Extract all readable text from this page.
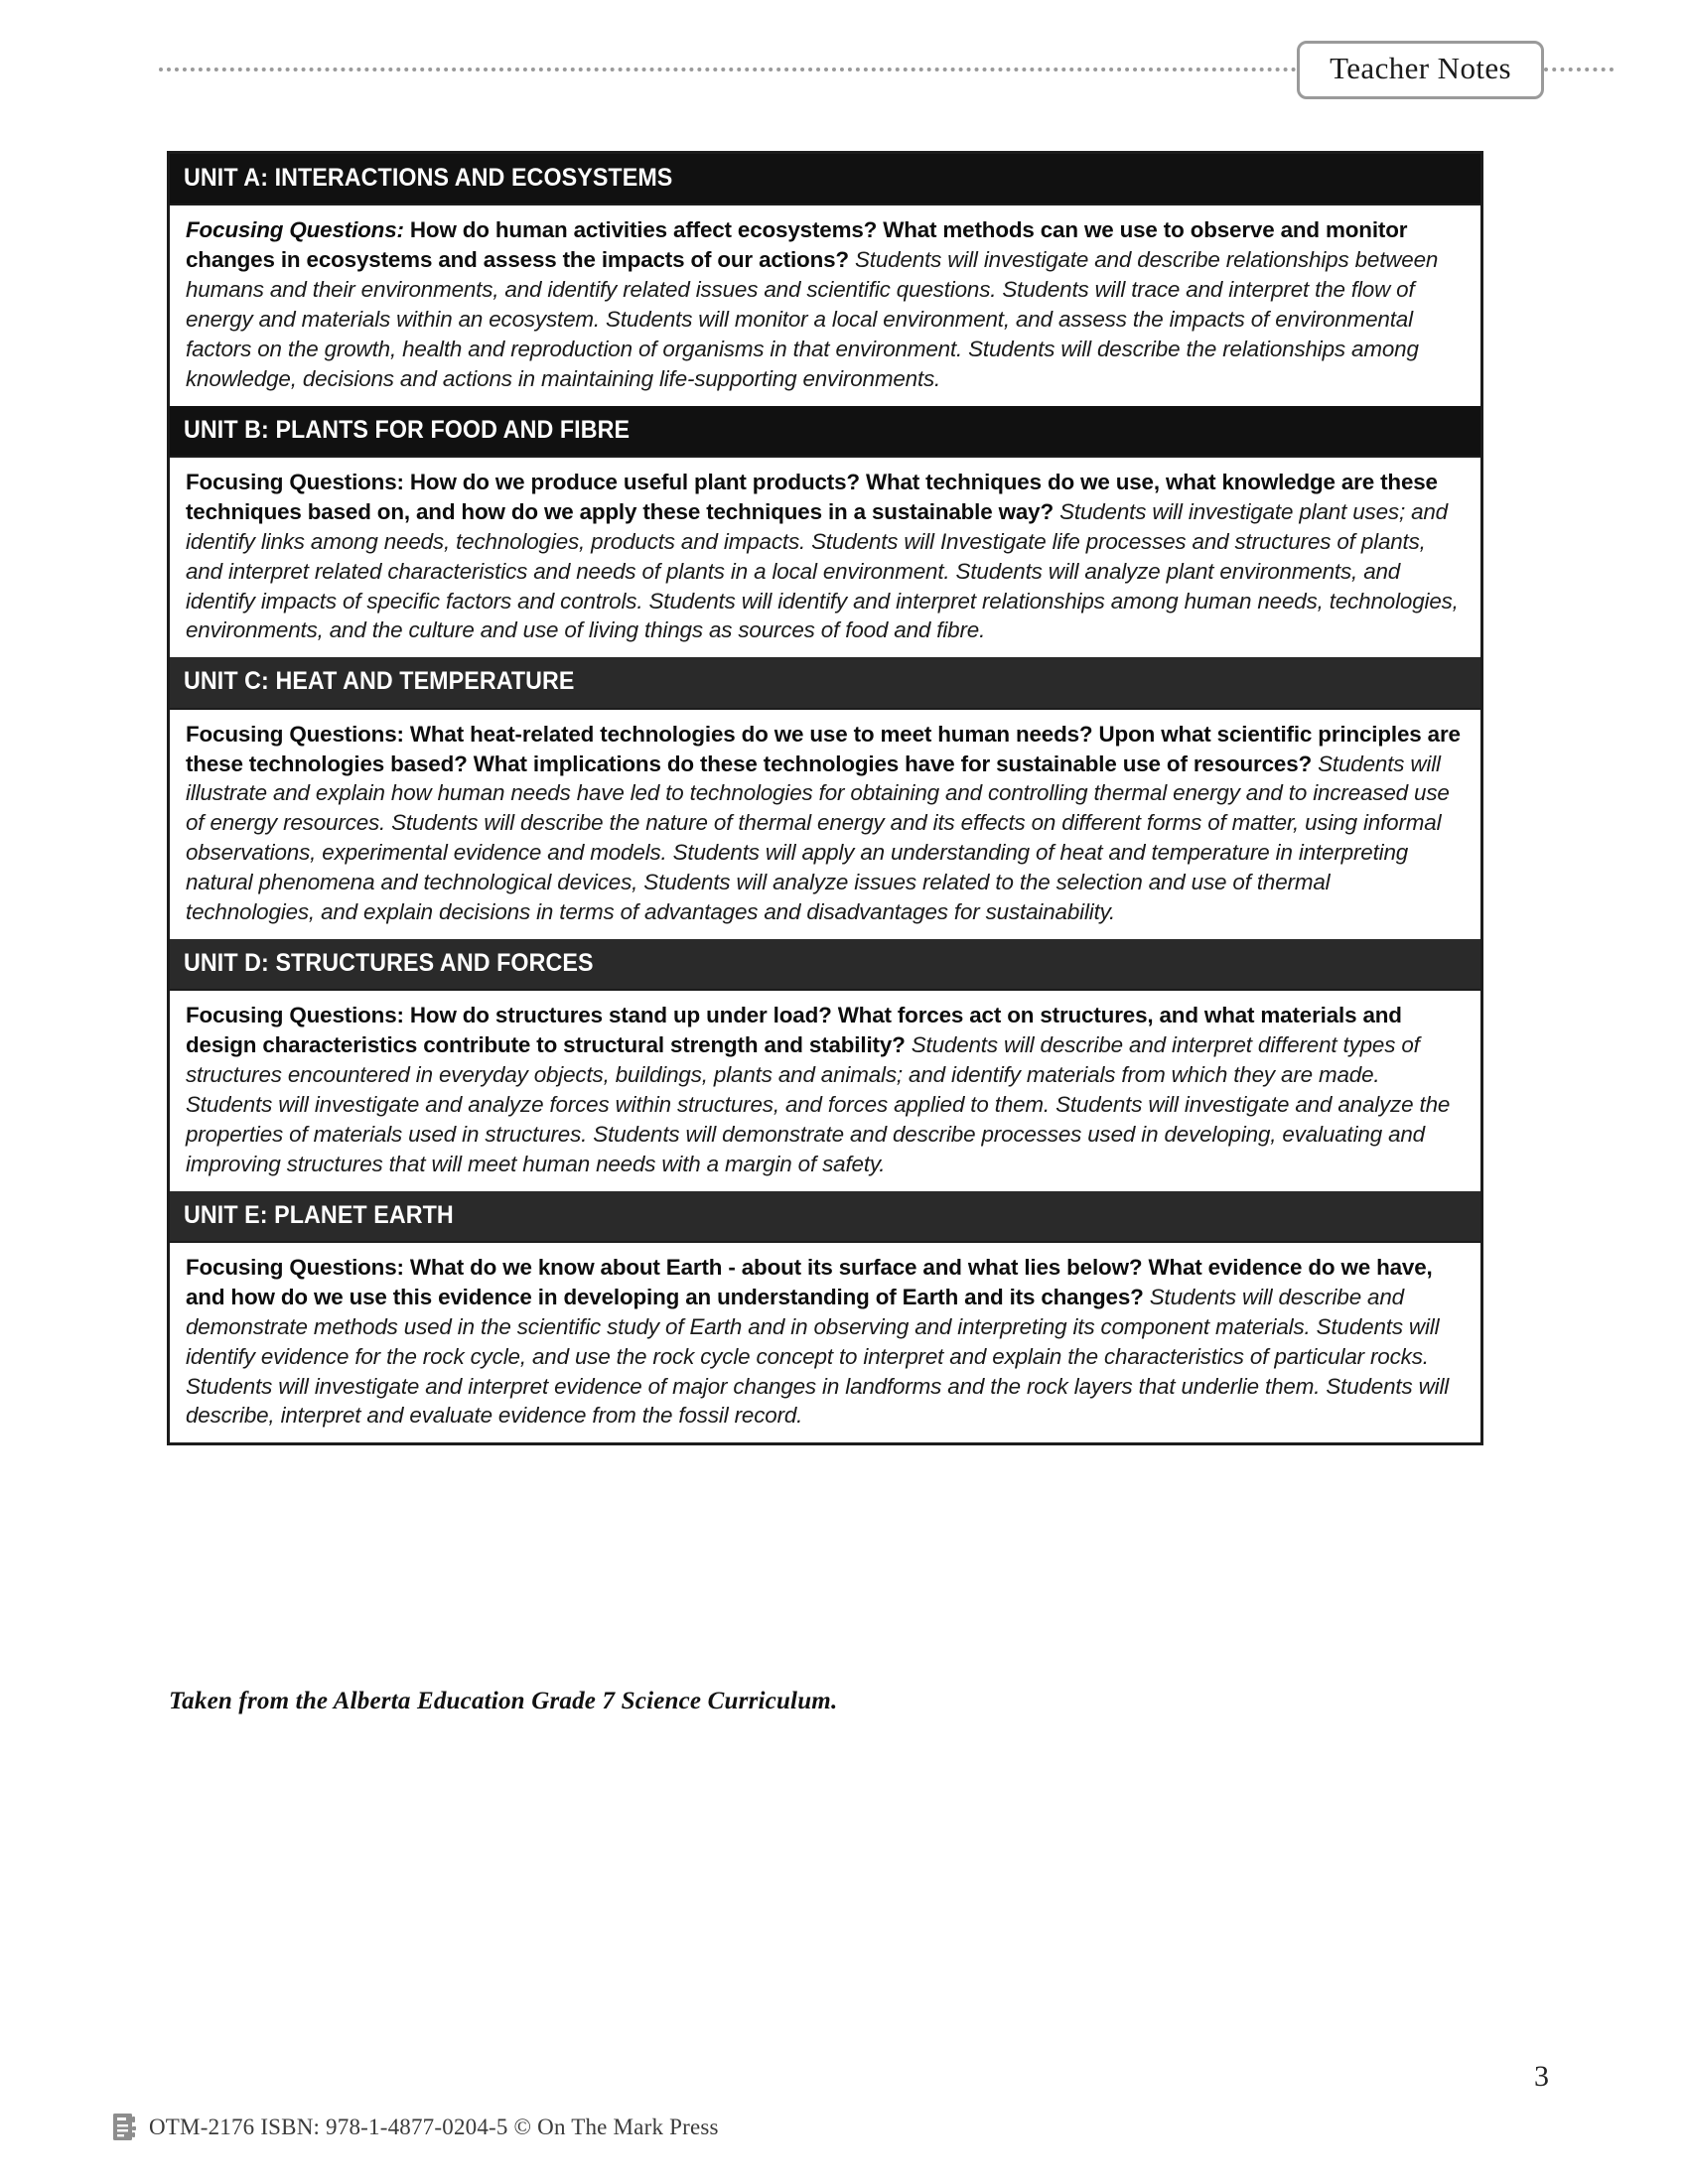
Teacher Notes
UNIT A: INTERACTIONS AND ECOSYSTEMS

Focusing Questions: How do human activities affect ecosystems? What methods can we use to observe and monitor changes in ecosystems and assess the impacts of our actions? Students will investigate and describe relationships between humans and their environments, and identify related issues and scientific questions. Students will trace and interpret the flow of energy and materials within an ecosystem. Students will monitor a local environment, and assess the impacts of environmental factors on the growth, health and reproduction of organisms in that environment. Students will describe the relationships among knowledge, decisions and actions in maintaining life-supporting environments.

UNIT B: PLANTS FOR FOOD AND FIBRE

Focusing Questions: How do we produce useful plant products? What techniques do we use, what knowledge are these techniques based on, and how do we apply these techniques in a sustainable way? Students will investigate plant uses; and identify links among needs, technologies, products and impacts. Students will Investigate life processes and structures of plants, and interpret related characteristics and needs of plants in a local environment. Students will analyze plant environments, and identify impacts of specific factors and controls. Students will identify and interpret relationships among human needs, technologies, environments, and the culture and use of living things as sources of food and fibre.

UNIT C: HEAT AND TEMPERATURE

Focusing Questions: What heat-related technologies do we use to meet human needs? Upon what scientific principles are these technologies based? What implications do these technologies have for sustainable use of resources? Students will illustrate and explain how human needs have led to technologies for obtaining and controlling thermal energy and to increased use of energy resources. Students will describe the nature of thermal energy and its effects on different forms of matter, using informal observations, experimental evidence and models. Students will apply an understanding of heat and temperature in interpreting natural phenomena and technological devices, Students will analyze issues related to the selection and use of thermal technologies, and explain decisions in terms of advantages and disadvantages for sustainability.

UNIT D: STRUCTURES AND FORCES

Focusing Questions: How do structures stand up under load? What forces act on structures, and what materials and design characteristics contribute to structural strength and stability? Students will describe and interpret different types of structures encountered in everyday objects, buildings, plants and animals; and identify materials from which they are made. Students will investigate and analyze forces within structures, and forces applied to them. Students will investigate and analyze the properties of materials used in structures. Students will demonstrate and describe processes used in developing, evaluating and improving structures that will meet human needs with a margin of safety.

UNIT E: PLANET EARTH

Focusing Questions: What do we know about Earth - about its surface and what lies below? What evidence do we have, and how do we use this evidence in developing an understanding of Earth and its changes? Students will describe and demonstrate methods used in the scientific study of Earth and in observing and interpreting its component materials. Students will identify evidence for the rock cycle, and use the rock cycle concept to interpret and explain the characteristics of particular rocks. Students will investigate and interpret evidence of major changes in landforms and the rock layers that underlie them. Students will describe, interpret and evaluate evidence from the fossil record.

Taken from the Alberta Education Grade 7 Science Curriculum.
3
OTM-2176 ISBN: 978-1-4877-0204-5 © On The Mark Press
